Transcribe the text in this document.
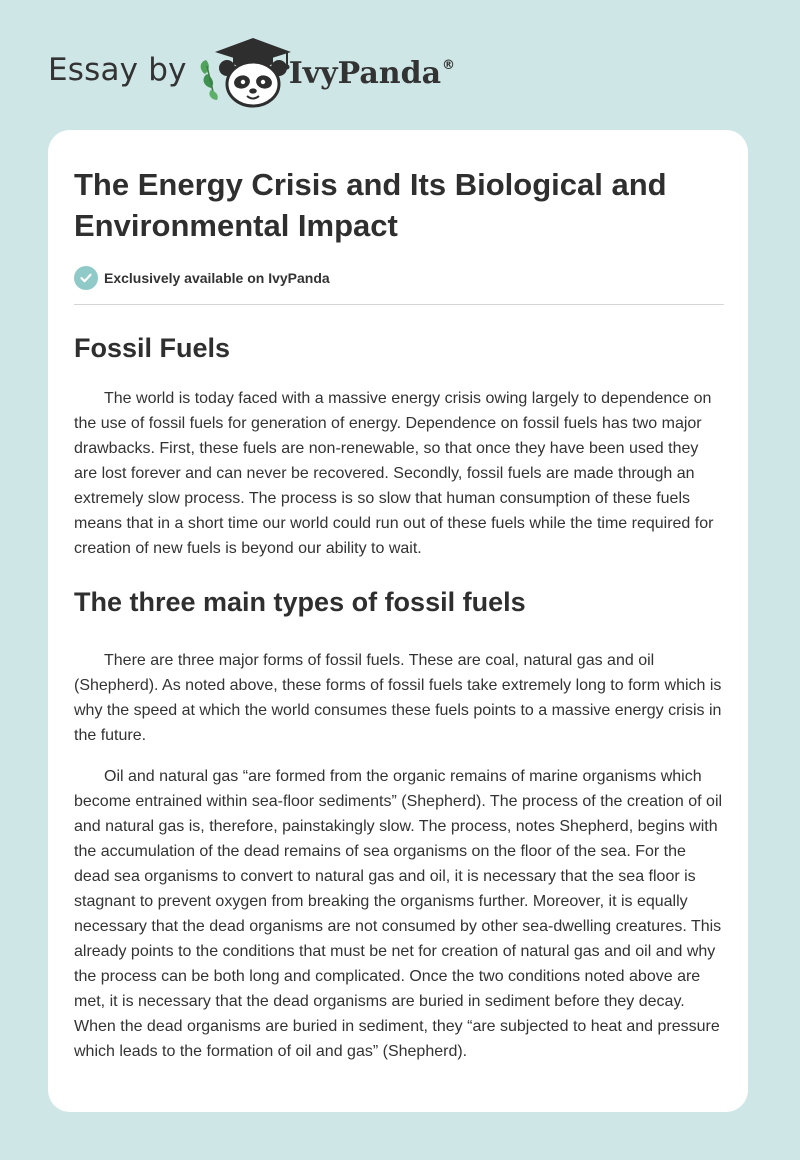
Essay by	IvyPanda®
The Energy Crisis and Its Biological and Environmental Impact
Exclusively available on IvyPanda
Fossil Fuels

The world is today faced with a massive energy crisis owing largely to dependence on the use of fossil fuels for generation of energy. Dependence on fossil fuels has two major drawbacks. First, these fuels are non-renewable, so that once they have been used they are lost forever and can never be recovered. Secondly, fossil fuels are made through an extremely slow process. The process is so slow that human consumption of these fuels means that in a short time our world could run out of these fuels while the time required for creation of new fuels is beyond our ability to wait.

The three main types of fossil fuels

There are three major forms of fossil fuels. These are coal, natural gas and oil (Shepherd). As noted above, these forms of fossil fuels take extremely long to form which is why the speed at which the world consumes these fuels points to a massive energy crisis in the future.

Oil and natural gas “are formed from the organic remains of marine organisms which become entrained within sea-floor sediments” (Shepherd). The process of the creation of oil and natural gas is, therefore, painstakingly slow. The process, notes Shepherd, begins with the accumulation of the dead remains of sea organisms on the floor of the sea. For the dead sea organisms to convert to natural gas and oil, it is necessary that the sea floor is stagnant to prevent oxygen from breaking the organisms further. Moreover, it is equally necessary that the dead organisms are not consumed by other sea-dwelling creatures. This already points to the conditions that must be net for creation of natural gas and oil and why the process can be both long and complicated. Once the two conditions noted above are met, it is necessary that the dead organisms are buried in sediment before they decay. When the dead organisms are buried in sediment, they “are subjected to heat and pressure which leads to the formation of oil and gas” (Shepherd).
